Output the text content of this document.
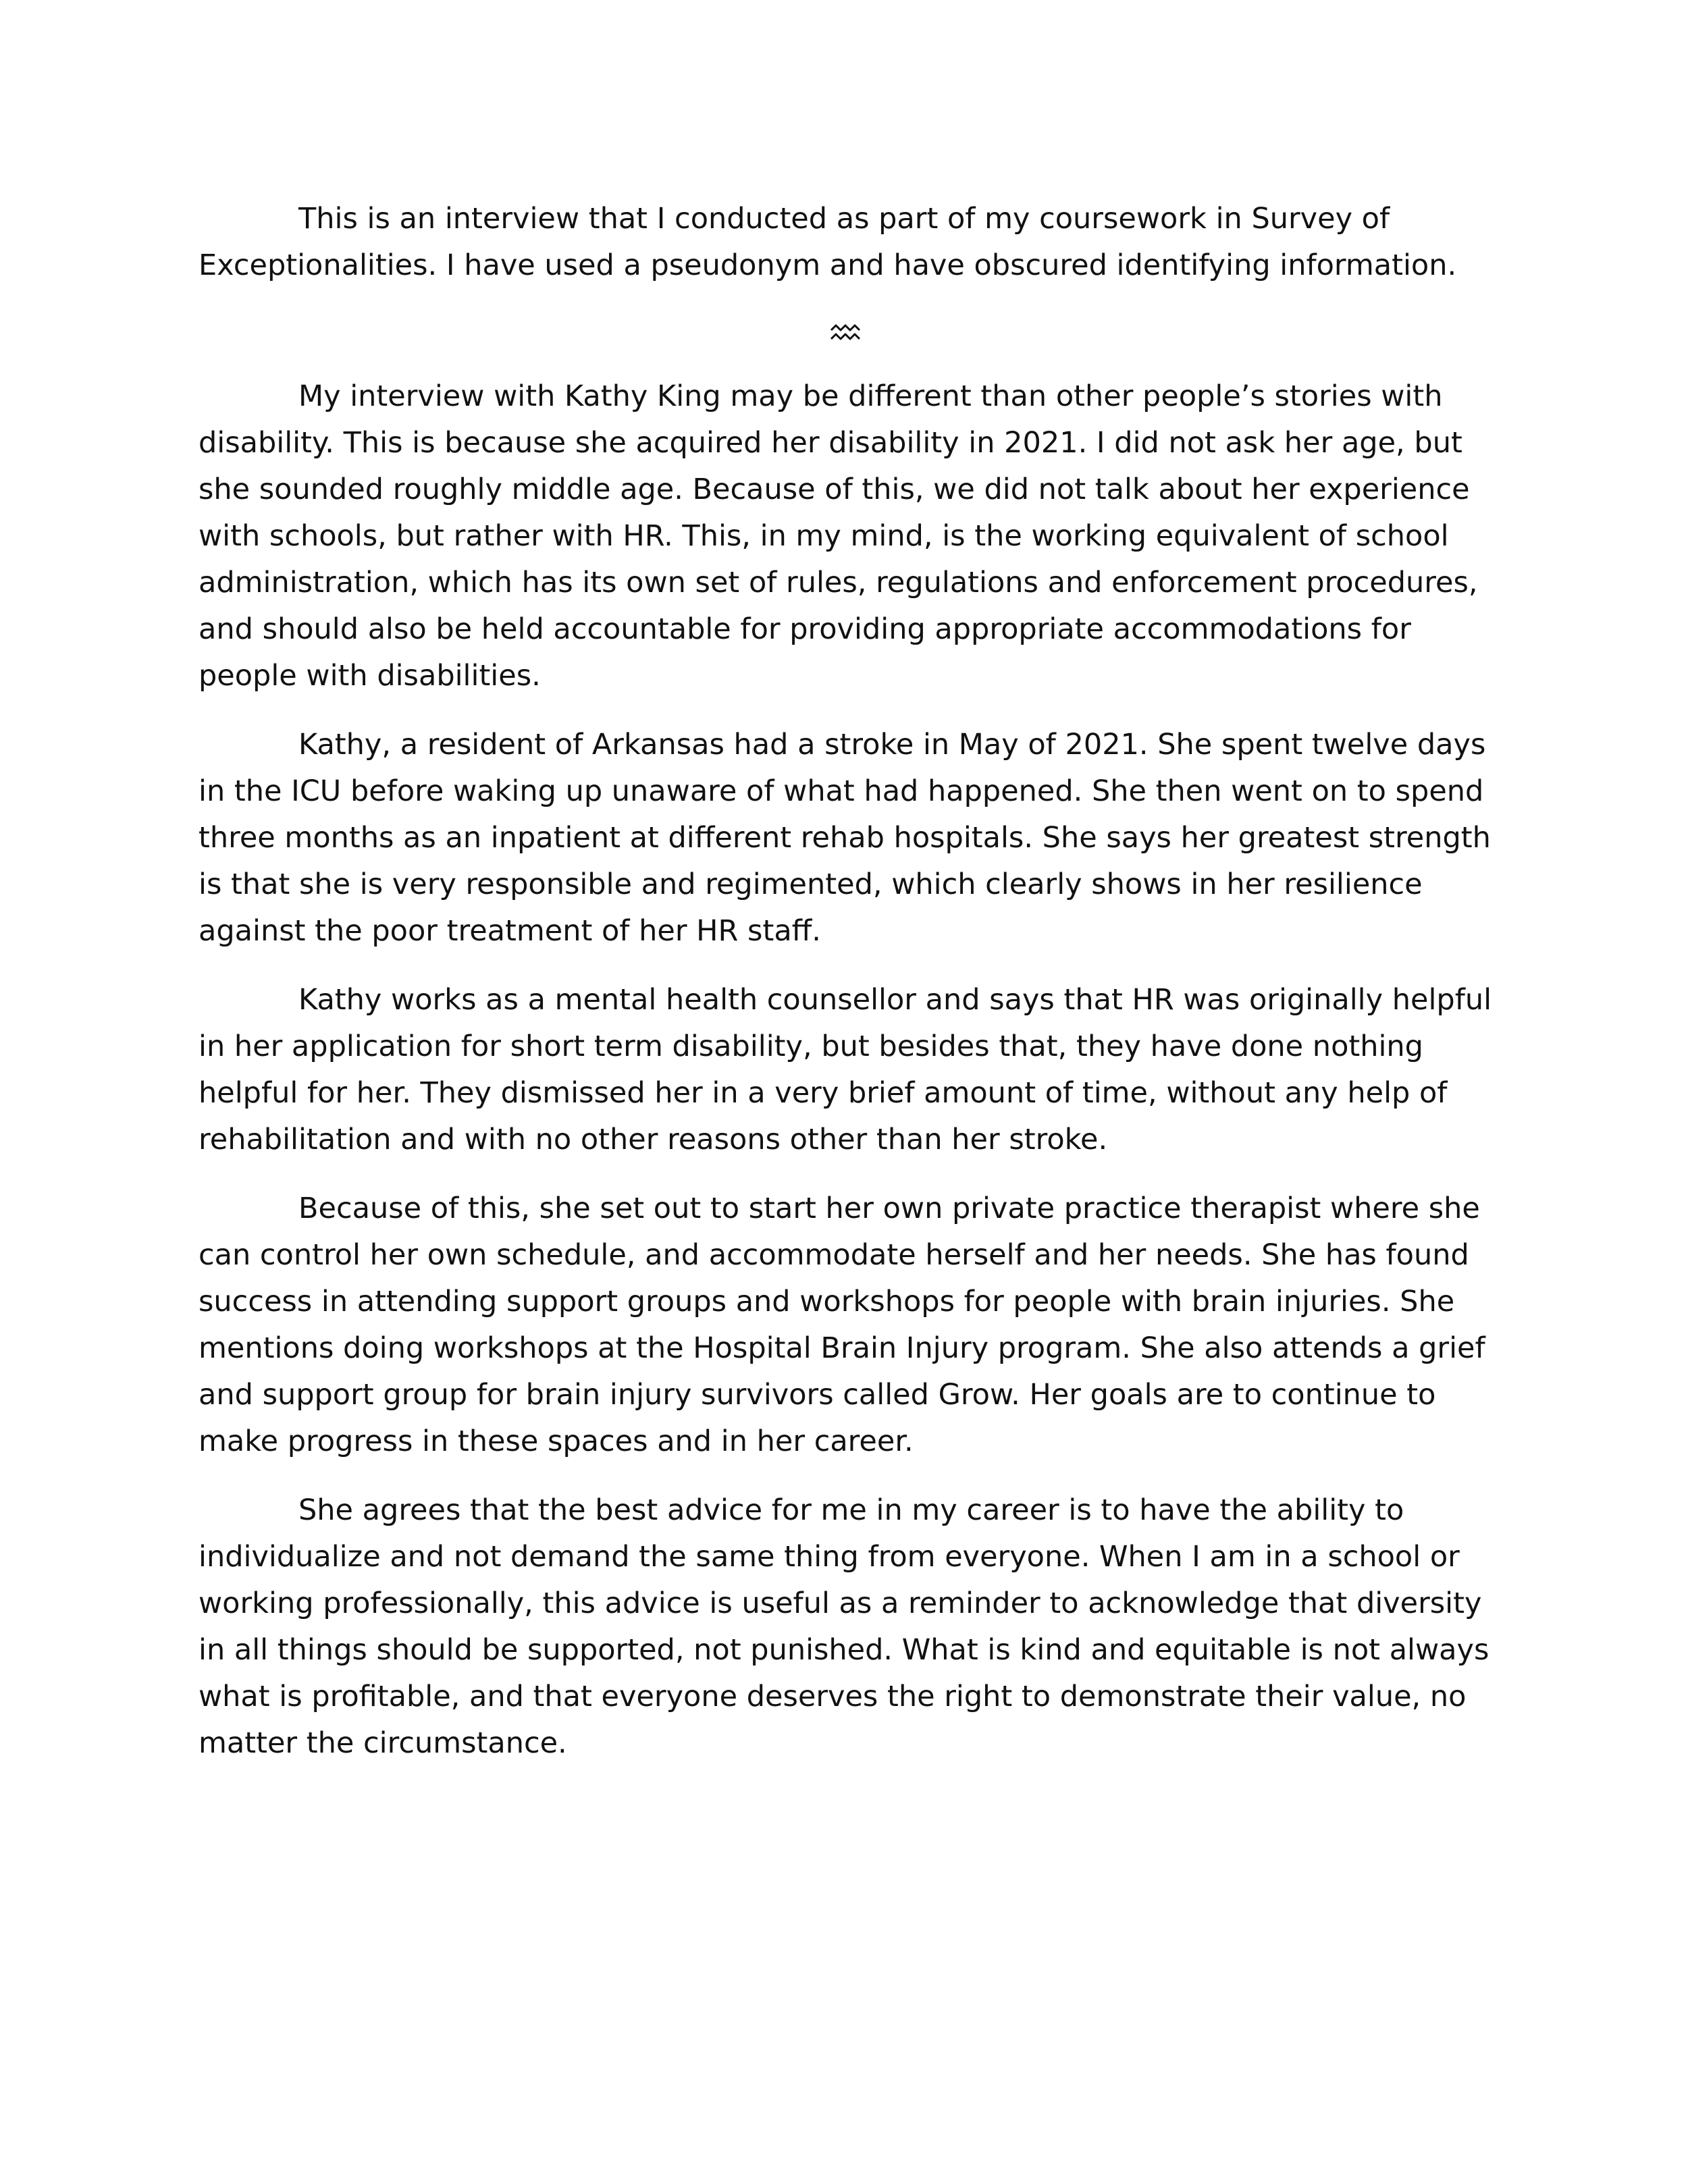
This is an interview that I conducted as part of my coursework in Survey of Exceptionalities. I have used a pseudonym and have obscured identifying information.

My interview with Kathy King may be different than other people’s stories with disability. This is because she acquired her disability in 2021. I did not ask her age, but she sounded roughly middle age. Because of this, we did not talk about her experience with schools, but rather with HR. This, in my mind, is the working equivalent of school administration, which has its own set of rules, regulations and enforcement procedures, and should also be held accountable for providing appropriate accommodations for people with disabilities.

Kathy, a resident of Arkansas had a stroke in May of 2021. She spent twelve days in the ICU before waking up unaware of what had happened. She then went on to spend three months as an inpatient at different rehab hospitals. She says her greatest strength is that she is very responsible and regimented, which clearly shows in her resilience against the poor treatment of her HR staff.

Kathy works as a mental health counsellor and says that HR was originally helpful in her application for short term disability, but besides that, they have done nothing helpful for her. They dismissed her in a very brief amount of time, without any help of rehabilitation and with no other reasons other than her stroke.

Because of this, she set out to start her own private practice therapist where she can control her own schedule, and accommodate herself and her needs. She has found success in attending support groups and workshops for people with brain injuries. She mentions doing workshops at the Hospital Brain Injury program. She also attends a grief and support group for brain injury survivors called Grow. Her goals are to continue to make progress in these spaces and in her career.

She agrees that the best advice for me in my career is to have the ability to individualize and not demand the same thing from everyone. When I am in a school or working professionally, this advice is useful as a reminder to acknowledge that diversity in all things should be supported, not punished. What is kind and equitable is not always what is profitable, and that everyone deserves the right to demonstrate their value, no matter the circumstance.
